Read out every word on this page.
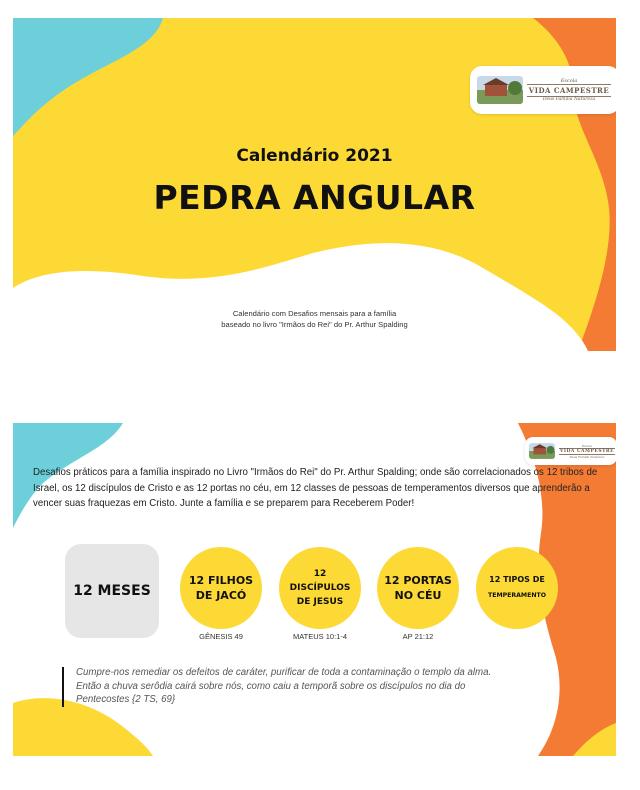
Escola
VIDA CAMPESTRE
Deus Família Natureza
Calendário 2021
PEDRA ANGULAR
Calendário com Desafios mensais para a família
baseado no livro "Irmãos do Rei" do Pr. Arthur Spalding
Escola
VIDA CAMPESTRE
Deus Família Natureza
Desafios práticos para a família inspirado no Livro "Irmãos do Rei" do Pr. Arthur Spalding; onde são correlacionados os 12 tribos de Israel, os 12 discípulos de Cristo e as 12 portas no céu, em 12 classes de pessoas de temperamentos diversos que aprenderão a vencer suas fraquezas em Cristo. Junte a família e se preparem para Receberem Poder!
12 MESES
12 FILHOS
DE JACÓ
12
DISCÍPULOS
DE JESUS
12 PORTAS
NO CÉU
12 TIPOS DE
TEMPERAMENTO
GÊNESIS 49	MATEUS 10:1-4	AP 21:12
Cumpre-nos remediar os defeitos de caráter, purificar de toda a contaminação o templo da alma.
Então a chuva serôdia cairá sobre nós, como caiu a temporã sobre os discípulos no dia do
Pentecostes {2 TS, 69}
